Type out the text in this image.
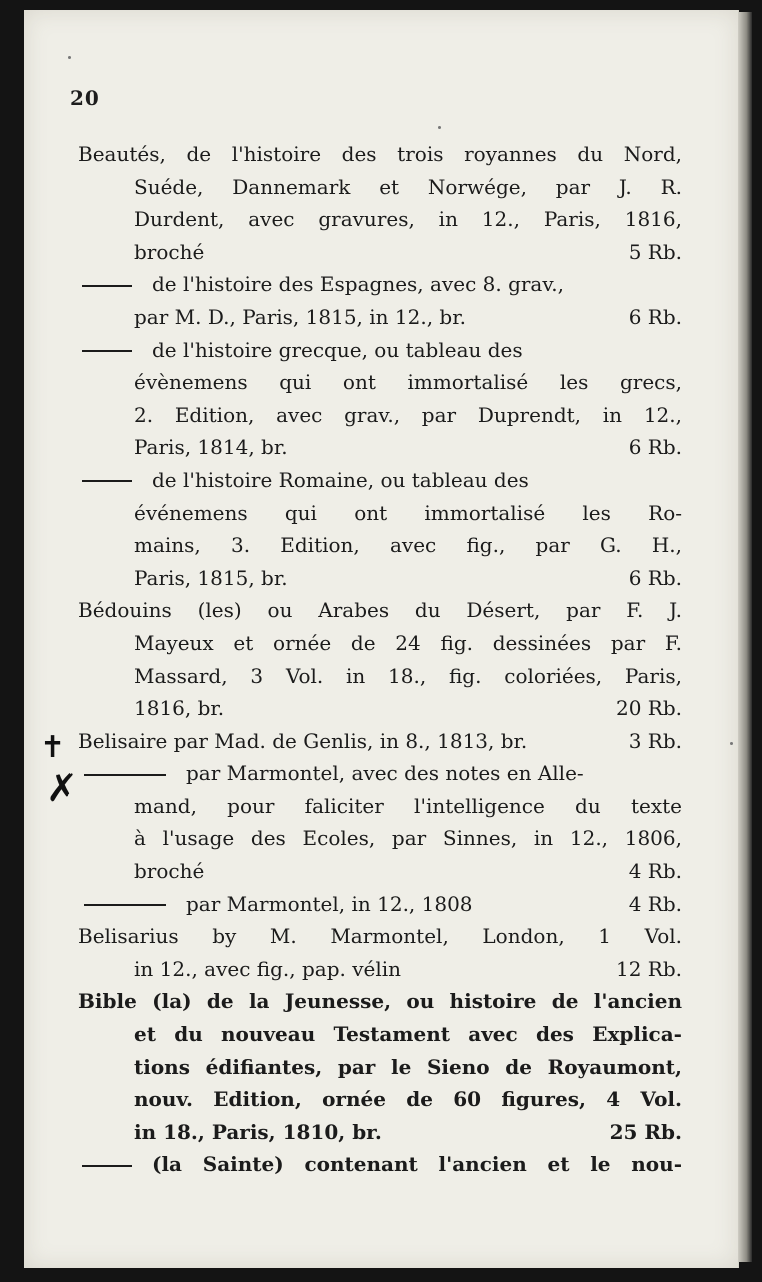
20
✝
✗
Beautés, de l'histoire des trois royannes du Nord,
Suéde, Dannemark et Norwége, par J. R.
Durdent, avec gravures, in 12., Paris, 1816,
broché	5 Rb.
de l'histoire des Espagnes, avec 8. grav.,
par M. D., Paris, 1815, in 12., br.	6 Rb.
de l'histoire grecque, ou tableau des
évènemens qui ont immortalisé les grecs,
2. Edition, avec grav., par Duprendt, in 12.,
Paris, 1814, br.	6 Rb.
de l'histoire Romaine, ou tableau des
événemens qui ont immortalisé les Ro-
mains, 3. Edition, avec fig., par G. H.,
Paris, 1815, br.	6 Rb.
Bédouins (les) ou Arabes du Désert, par F. J.
Mayeux et ornée de 24 fig. dessinées par F.
Massard, 3 Vol. in 18., fig. coloriées, Paris,
1816, br.	20 Rb.
Belisaire par Mad. de Genlis, in 8., 1813, br.	3 Rb.
par Marmontel, avec des notes en Alle-
mand, pour faliciter l'intelligence du texte
à l'usage des Ecoles, par Sinnes, in 12., 1806,
broché	4 Rb.
par Marmontel, in 12., 1808	4 Rb.
Belisarius by M. Marmontel, London, 1 Vol.
in 12., avec fig., pap. vélin	12 Rb.
Bible (la) de la Jeunesse, ou histoire de l'ancien
et du nouveau Testament avec des Explica-
tions édifiantes, par le Sieno de Royaumont,
nouv. Edition, ornée de 60 figures, 4 Vol.
in 18., Paris, 1810, br.	25 Rb.
(la Sainte) contenant l'ancien et le nou-
